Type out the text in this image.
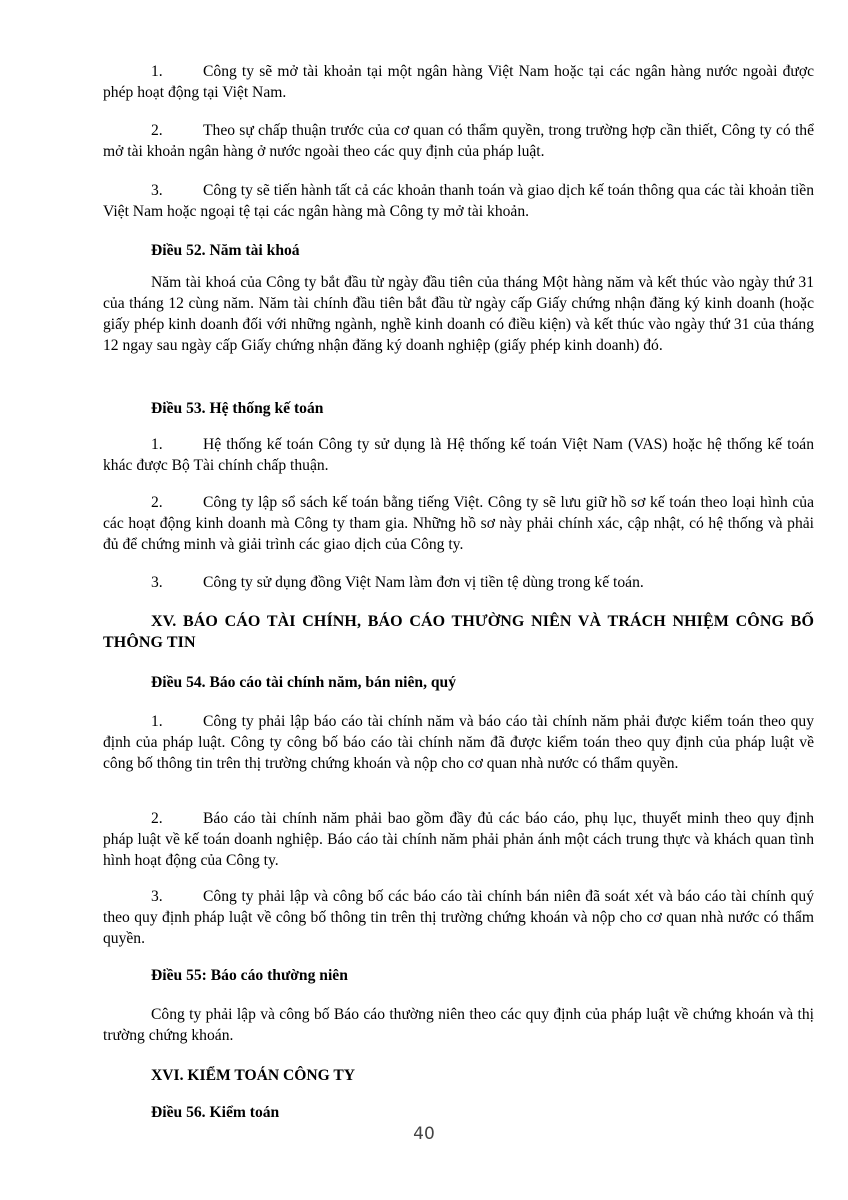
1.	Công ty sẽ mở tài khoản tại một ngân hàng Việt Nam hoặc tại các ngân hàng nước ngoài được phép hoạt động tại Việt Nam.

2.	Theo sự chấp thuận trước của cơ quan có thẩm quyền, trong trường hợp cần thiết, Công ty có thể mở tài khoản ngân hàng ở nước ngoài theo các quy định của pháp luật.

3.	Công ty sẽ tiến hành tất cả các khoản thanh toán và giao dịch kế toán thông qua các tài khoản tiền Việt Nam hoặc ngoại tệ tại các ngân hàng mà Công ty mở tài khoản.

Điều 52. Năm tài khoá

Năm tài khoá của Công ty bắt đầu từ ngày đầu tiên của tháng Một hàng năm và kết thúc vào ngày thứ 31 của tháng 12 cùng năm. Năm tài chính đầu tiên bắt đầu từ ngày cấp Giấy chứng nhận đăng ký kinh doanh (hoặc giấy phép kinh doanh đối với những ngành, nghề kinh doanh có điều kiện) và kết thúc vào ngày thứ 31 của tháng 12 ngay sau ngày cấp Giấy chứng nhận đăng ký doanh nghiệp (giấy phép kinh doanh) đó.

Điều 53. Hệ thống kế toán

1.	Hệ thống kế toán Công ty sử dụng là Hệ thống kế toán Việt Nam (VAS) hoặc hệ thống kế toán khác được Bộ Tài chính chấp thuận.

2.	Công ty lập sổ sách kế toán bằng tiếng Việt. Công ty sẽ lưu giữ hồ sơ kế toán theo loại hình của các hoạt động kinh doanh mà Công ty tham gia. Những hồ sơ này phải chính xác, cập nhật, có hệ thống và phải đủ để chứng minh và giải trình các giao dịch của Công ty.

3.	Công ty sử dụng đồng Việt Nam làm đơn vị tiền tệ dùng trong kế toán.

XV. BÁO CÁO TÀI CHÍNH, BÁO CÁO THƯỜNG NIÊN VÀ TRÁCH NHIỆM CÔNG BỐ THÔNG TIN

Điều 54. Báo cáo tài chính năm, bán niên, quý

1.	Công ty phải lập báo cáo tài chính năm và báo cáo tài chính năm phải được kiểm toán theo quy định của pháp luật. Công ty công bố báo cáo tài chính năm đã được kiểm toán theo quy định của pháp luật về công bố thông tin trên thị trường chứng khoán và nộp cho cơ quan nhà nước có thẩm quyền.

2.	Báo cáo tài chính năm phải bao gồm đầy đủ các báo cáo, phụ lục, thuyết minh theo quy định pháp luật về kế toán doanh nghiệp. Báo cáo tài chính năm phải phản ánh một cách trung thực và khách quan tình hình hoạt động của Công ty.

3.	Công ty phải lập và công bố các báo cáo tài chính bán niên đã soát xét và báo cáo tài chính quý theo quy định pháp luật về công bố thông tin trên thị trường chứng khoán và nộp cho cơ quan nhà nước có thẩm quyền.

Điều 55: Báo cáo thường niên

Công ty phải lập và công bố Báo cáo thường niên theo các quy định của pháp luật về chứng khoán và thị trường chứng khoán.

XVI. KIỂM TOÁN CÔNG TY

Điều 56. Kiểm toán

40
